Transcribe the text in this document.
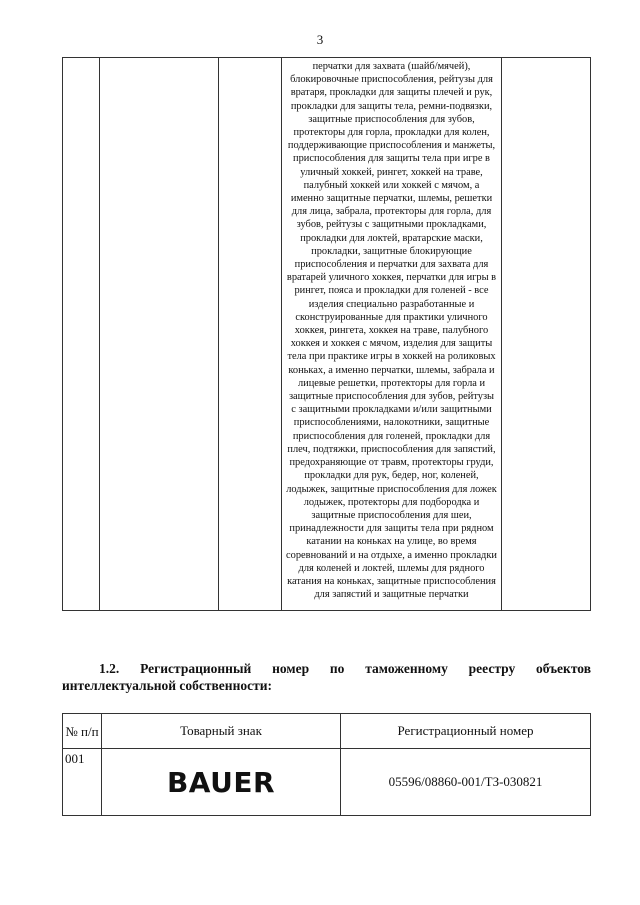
3

перчатки для захвата (шайб/мячей), блокировочные приспособления, рейтузы для вратаря, прокладки для защиты плечей и рук, прокладки для защиты тела, ремни-подвязки, защитные приспособления для зубов, протекторы для горла, прокладки для колен, поддерживающие приспособления и манжеты, приспособления для защиты тела при игре в уличный хоккей, рингет, хоккей на траве, палубный хоккей или хоккей с мячом, а именно защитные перчатки, шлемы, решетки для лица, забрала, протекторы для горла, для зубов, рейтузы с защитными прокладками, прокладки для локтей, вратарские маски, прокладки, защитные блокирующие приспособления и перчатки для захвата для вратарей уличного хоккея, перчатки для игры в рингет, пояса и прокладки для голеней - все изделия специально разработанные и сконструированные для практики уличного хоккея, рингета, хоккея на траве, палубного хоккея и хоккея с мячом, изделия для защиты тела при практике игры в хоккей на роликовых коньках, а именно перчатки, шлемы, забрала и лицевые решетки, протекторы для горла и защитные приспособления для зубов, рейтузы с защитными прокладками и/или защитными приспособлениями, налокотники, защитные приспособления для голеней, прокладки для плеч, подтяжки, приспособления для запястий, предохраняющие от травм, протекторы груди, прокладки для рук, бедер, ног, коленей, лодыжек, защитные приспособления для ложек лодыжек, протекторы для подбородка и защитные приспособления для шеи, принадлежности для защиты тела при рядном катании на коньках на улице, во время соревнований и на отдыхе, а именно прокладки для коленей и локтей, шлемы для рядного катания на коньках, защитные приспособления для запястий и защитные перчатки

1.2. Регистрационный номер по таможенному реестру объектов
интеллектуальной собственности:
№ п/п	Товарный знак	Регистрационный номер
001	BAUER	05596/08860-001/ТЗ-030821
